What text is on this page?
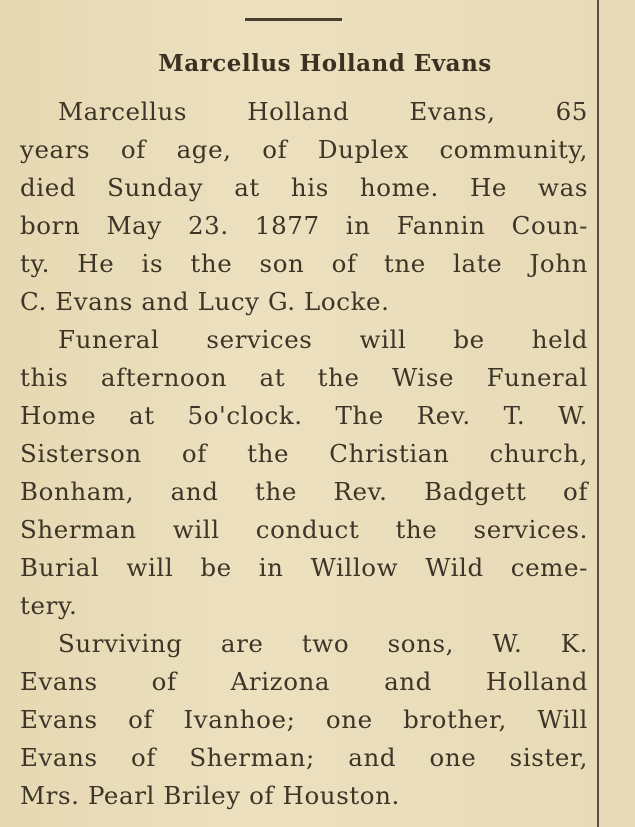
Marcellus Holland Evans
Marcellus Holland Evans, 65
years of age, of Duplex community,
died Sunday at his home. He was
born May 23. 1877 in Fannin Coun-
ty. He is the son of tne late John
C. Evans and Lucy G. Locke.
Funeral services will be held
this afternoon at the Wise Funeral
Home at 5o'clock. The Rev. T. W.
Sisterson of the Christian church,
Bonham, and the Rev. Badgett of
Sherman will conduct the services.
Burial will be in Willow Wild ceme-
tery.
Surviving are two sons, W. K.
Evans of Arizona and Holland
Evans of Ivanhoe; one brother, Will
Evans of Sherman; and one sister,
Mrs. Pearl Briley of Houston.
